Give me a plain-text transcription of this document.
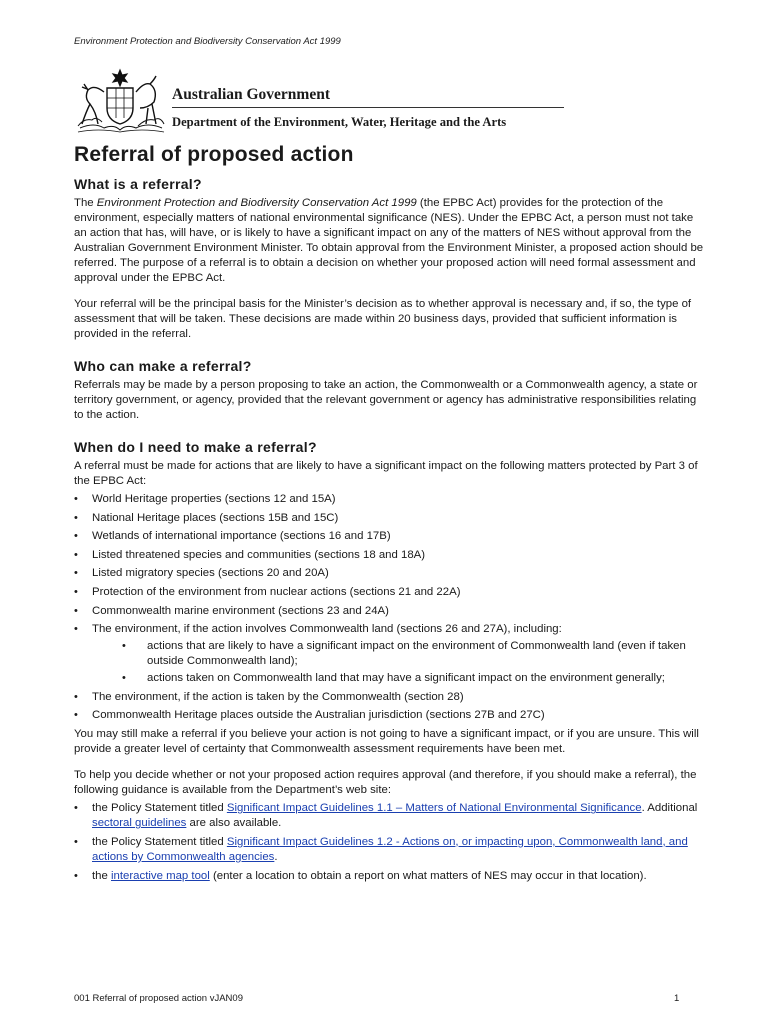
Environment Protection and Biodiversity Conservation Act 1999
Australian Government
Department of the Environment, Water, Heritage and the Arts
Referral of proposed action
What is a referral?

The Environment Protection and Biodiversity Conservation Act 1999 (the EPBC Act) provides for the protection of the environment, especially matters of national environmental significance (NES). Under the EPBC Act, a person must not take an action that has, will have, or is likely to have a significant impact on any of the matters of NES without approval from the Australian Government Environment Minister. To obtain approval from the Environment Minister, a proposed action should be referred. The purpose of a referral is to obtain a decision on whether your proposed action will need formal assessment and approval under the EPBC Act.

Your referral will be the principal basis for the Minister’s decision as to whether approval is necessary and, if so, the type of assessment that will be taken. These decisions are made within 20 business days, provided that sufficient information is provided in the referral.

Who can make a referral?

Referrals may be made by a person proposing to take an action, the Commonwealth or a Commonwealth agency, a state or territory government, or agency, provided that the relevant government or agency has administrative responsibilities relating to the action.

When do I need to make a referral?

A referral must be made for actions that are likely to have a significant impact on the following matters protected by Part 3 of the EPBC Act:

• World Heritage properties (sections 12 and 15A)
• National Heritage places (sections 15B and 15C)
• Wetlands of international importance (sections 16 and 17B)
• Listed threatened species and communities (sections 18 and 18A)
• Listed migratory species (sections 20 and 20A)
• Protection of the environment from nuclear actions (sections 21 and 22A)
• Commonwealth marine environment (sections 23 and 24A)
• The environment, if the action involves Commonwealth land (sections 26 and 27A), including:
• actions that are likely to have a significant impact on the environment of Commonwealth land (even if taken outside Commonwealth land);
• actions taken on Commonwealth land that may have a significant impact on the environment generally;
• The environment, if the action is taken by the Commonwealth (section 28)
• Commonwealth Heritage places outside the Australian jurisdiction (sections 27B and 27C)

You may still make a referral if you believe your action is not going to have a significant impact, or if you are unsure. This will provide a greater level of certainty that Commonwealth assessment requirements have been met.

To help you decide whether or not your proposed action requires approval (and therefore, if you should make a referral), the following guidance is available from the Department’s web site:

• the Policy Statement titled Significant Impact Guidelines 1.1 – Matters of National Environmental Significance. Additional sectoral guidelines are also available.
• the Policy Statement titled Significant Impact Guidelines 1.2 - Actions on, or impacting upon, Commonwealth land, and actions by Commonwealth agencies.
• the interactive map tool (enter a location to obtain a report on what matters of NES may occur in that location).
001 Referral of proposed action vJAN09	1
